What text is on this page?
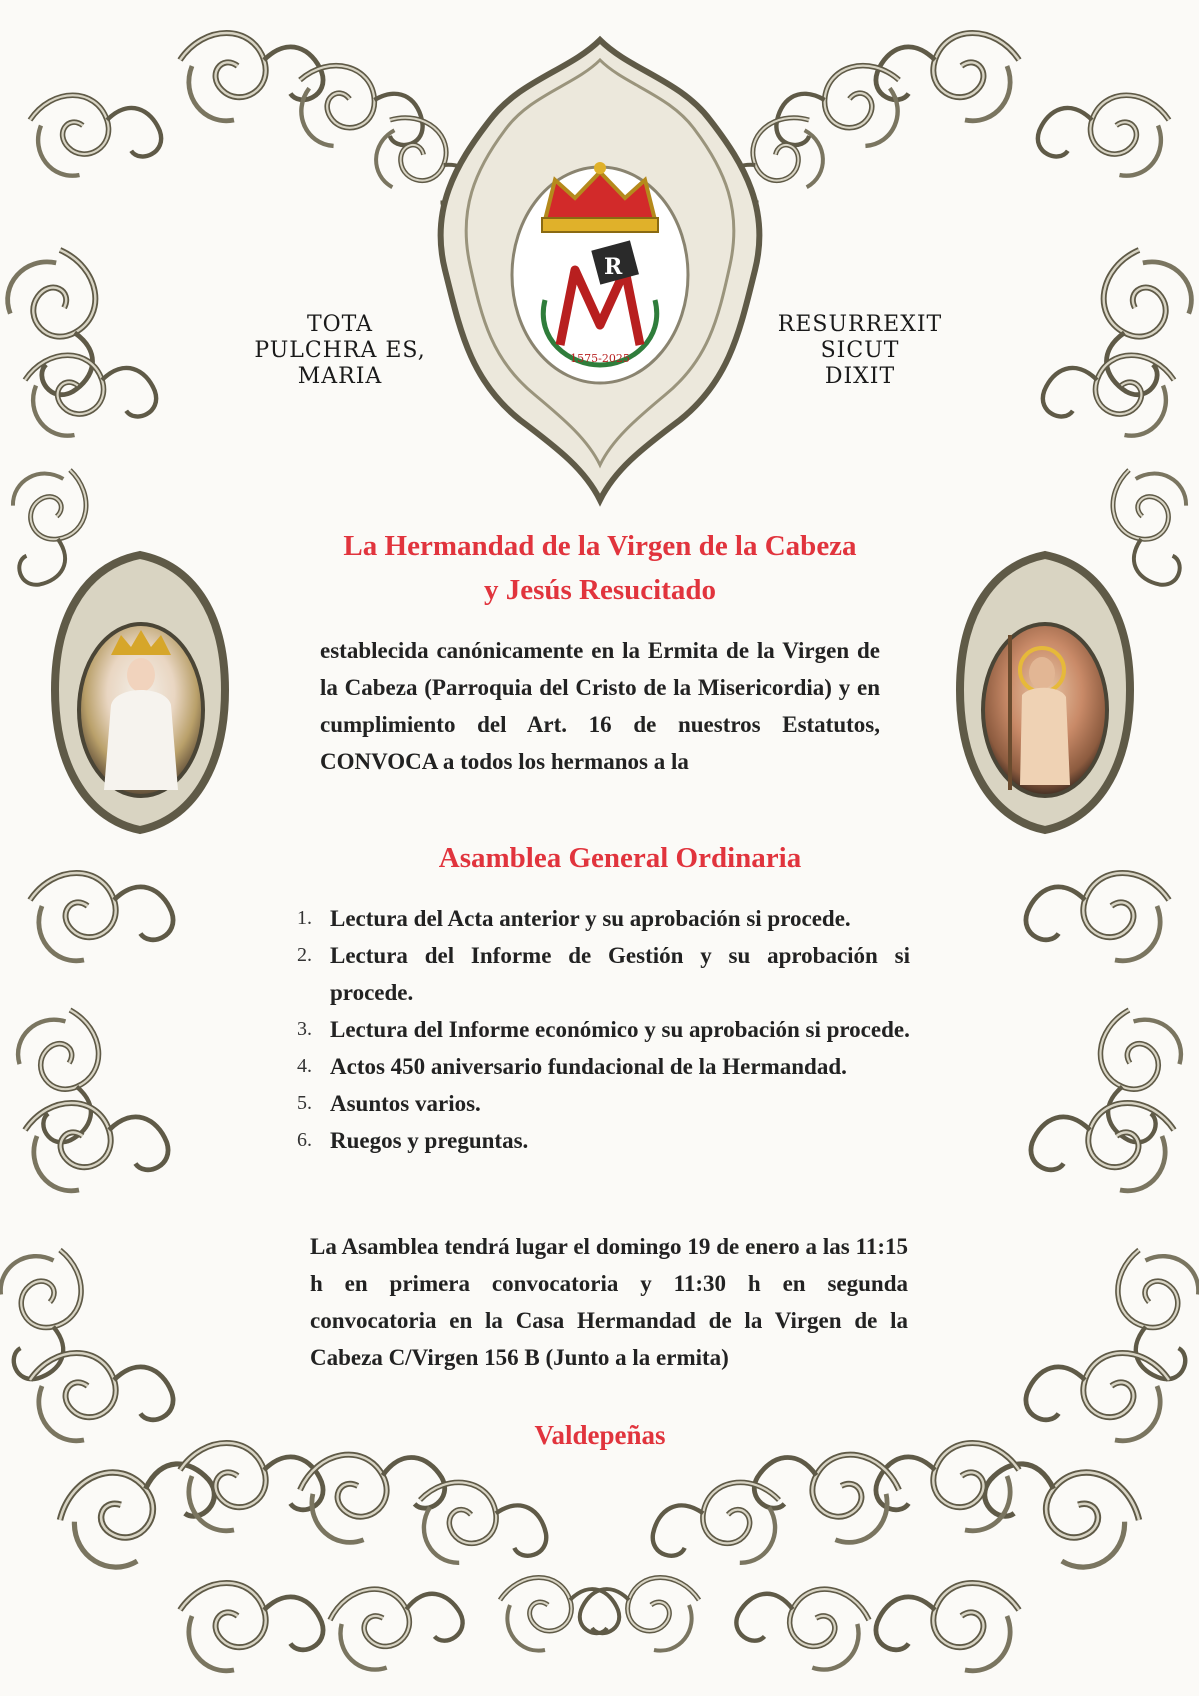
R
1575-2025
TOTA
PULCHRA ES,
MARIA
RESURREXIT
SICUT
DIXIT
La Hermandad de la Virgen de la Cabeza
y Jesús Resucitado
establecida canónicamente en la Ermita de la Virgen de la Cabeza (Parroquia del Cristo de la Misericordia) y en cumplimiento del Art. 16 de nuestros Estatutos, CONVOCA a todos los hermanos a la
Asamblea General Ordinaria
1. Lectura del Acta anterior y su aprobación si procede.
2. Lectura del Informe de Gestión y su aprobación si procede.
3. Lectura del Informe económico y su aprobación si procede.
4. Actos 450 aniversario fundacional de la Hermandad.
5. Asuntos varios.
6. Ruegos y preguntas.
La Asamblea tendrá lugar el domingo 19 de enero a las 11:15 h en primera convocatoria y 11:30 h en segunda convocatoria en la Casa Hermandad de la Virgen de la Cabeza C/Virgen 156 B (Junto a la ermita)
Valdepeñas
